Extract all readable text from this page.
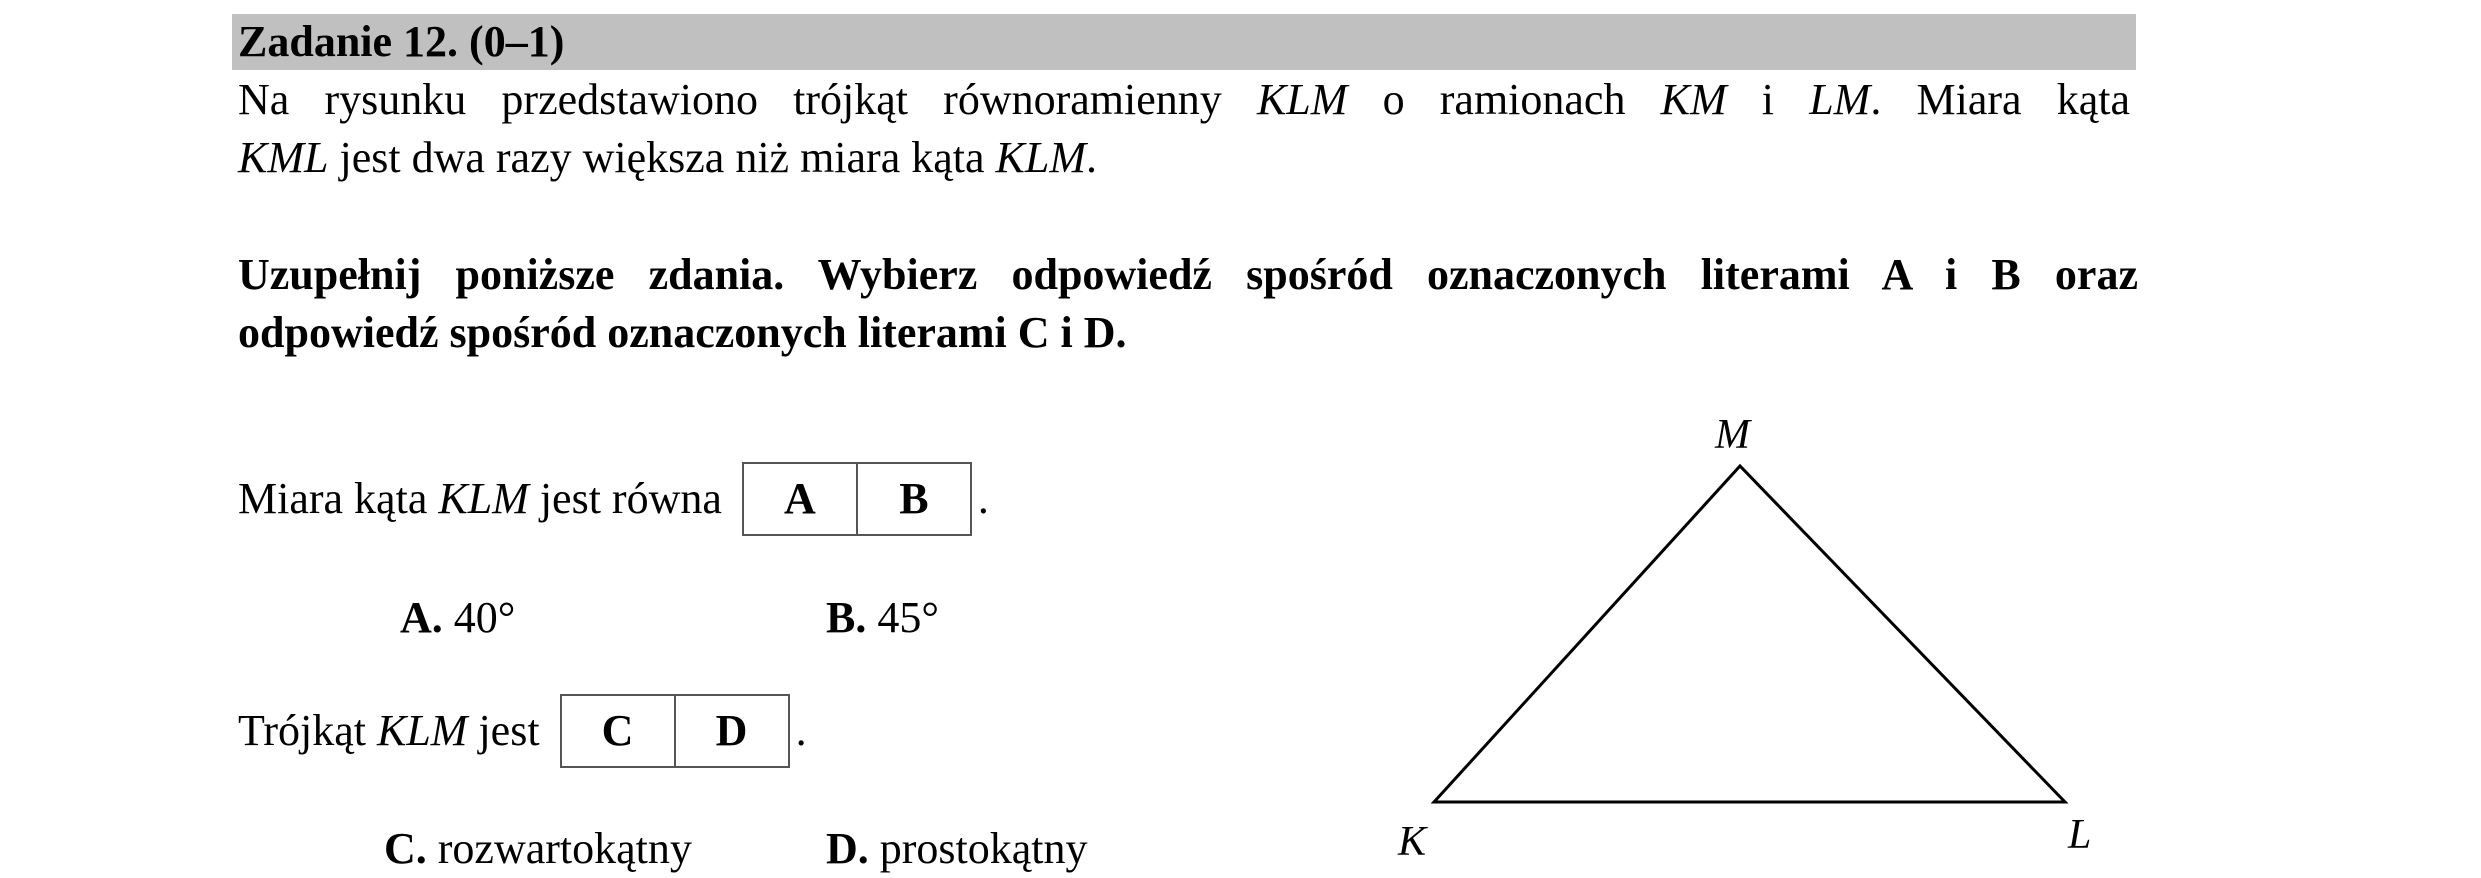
Zadanie 12. (0–1)
Na rysunku przedstawiono trójkąt równoramienny KLM o ramionach KM i LM. Miara kąta
KML jest dwa razy większa niż miara kąta KLM.
Uzupełnij poniższe zdania. Wybierz odpowiedź spośród oznaczonych literami A i B oraz
odpowiedź spośród oznaczonych literami C i D.
Miara kąta KLM jest równa	A	B	.
A. 40°	B. 45°
Trójkąt KLM jest	C	D	.
C. rozwartokątny	D. prostokątny
M
K	L
